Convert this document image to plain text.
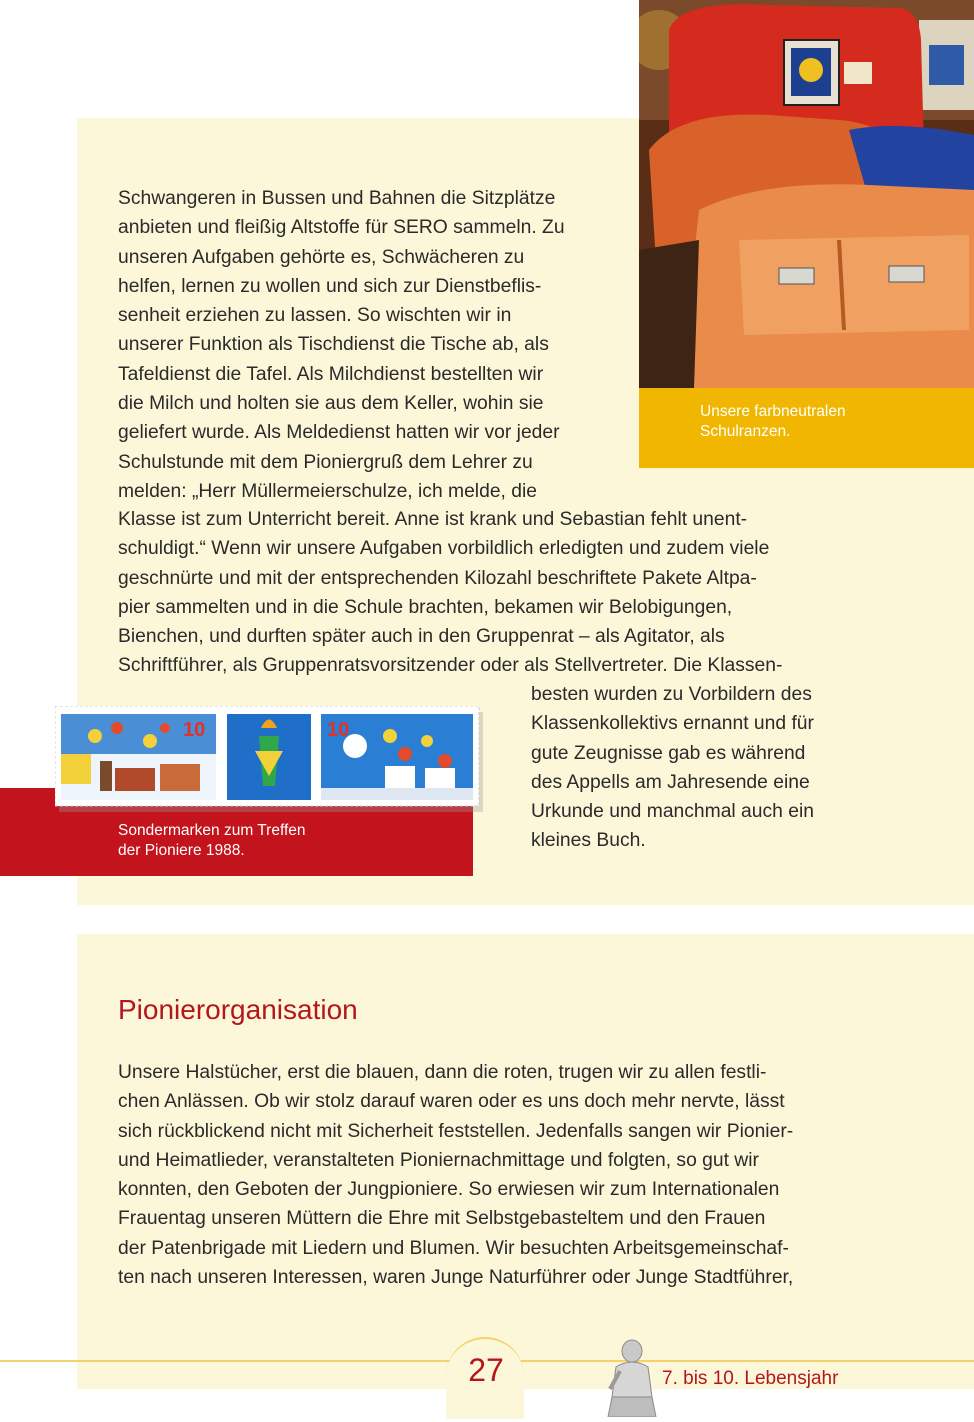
Unsere farbneutralen
Schulranzen.

Schwangeren in Bussen und Bahnen die Sitzplätze

anbieten und fleißig Altstoffe für SERO sammeln. Zu

unseren Aufgaben gehörte es, Schwächeren zu

helfen, lernen zu wollen und sich zur Dienstbeflis-

senheit erziehen zu lassen. So wischten wir in

unserer Funktion als Tischdienst die Tische ab, als

Tafeldienst die Tafel. Als Milchdienst bestellten wir

die Milch und holten sie aus dem Keller, wohin sie

geliefert wurde. Als Meldedienst hatten wir vor jeder

Schulstunde mit dem Pioniergruß dem Lehrer zu

melden: „Herr Müllermeierschulze, ich melde, die

Klasse ist zum Unterricht bereit. Anne ist krank und Sebastian fehlt unent-

schuldigt.“ Wenn wir unsere Aufgaben vorbildlich erledigten und zudem viele

geschnürte und mit der entsprechenden Kilozahl beschriftete Pakete Altpa-

pier sammelten und in die Schule brachten, bekamen wir Belobigungen,

Bienchen, und durften später auch in den Gruppenrat – als Agitator, als

Schriftführer, als Gruppenratsvorsitzender oder als Stellvertreter. Die Klassen-

Sondermarken zum Treffen
der Pioniere 1988.
10	10

besten wurden zu Vorbildern des

Klassenkollektivs ernannt und für

gute Zeugnisse gab es während

des Appells am Jahresende eine

Urkunde und manchmal auch ein

kleines Buch.

Pionierorganisation

Unsere Halstücher, erst die blauen, dann die roten, trugen wir zu allen festli-

chen Anlässen. Ob wir stolz darauf waren oder es uns doch mehr nervte, lässt

sich rückblickend nicht mit Sicherheit feststellen. Jedenfalls sangen wir Pionier-

und Heimatlieder, veranstalteten Pioniernachmittage und folgten, so gut wir

konnten, den Geboten der Jungpioniere. So erwiesen wir zum Internationalen

Frauentag unseren Müttern die Ehre mit Selbstgebasteltem und den Frauen

der Patenbrigade mit Liedern und Blumen. Wir besuchten Arbeitsgemeinschaf-

ten nach unseren Interessen, waren Junge Naturführer oder Junge Stadtführer,

27	7. bis 10. Lebensjahr
